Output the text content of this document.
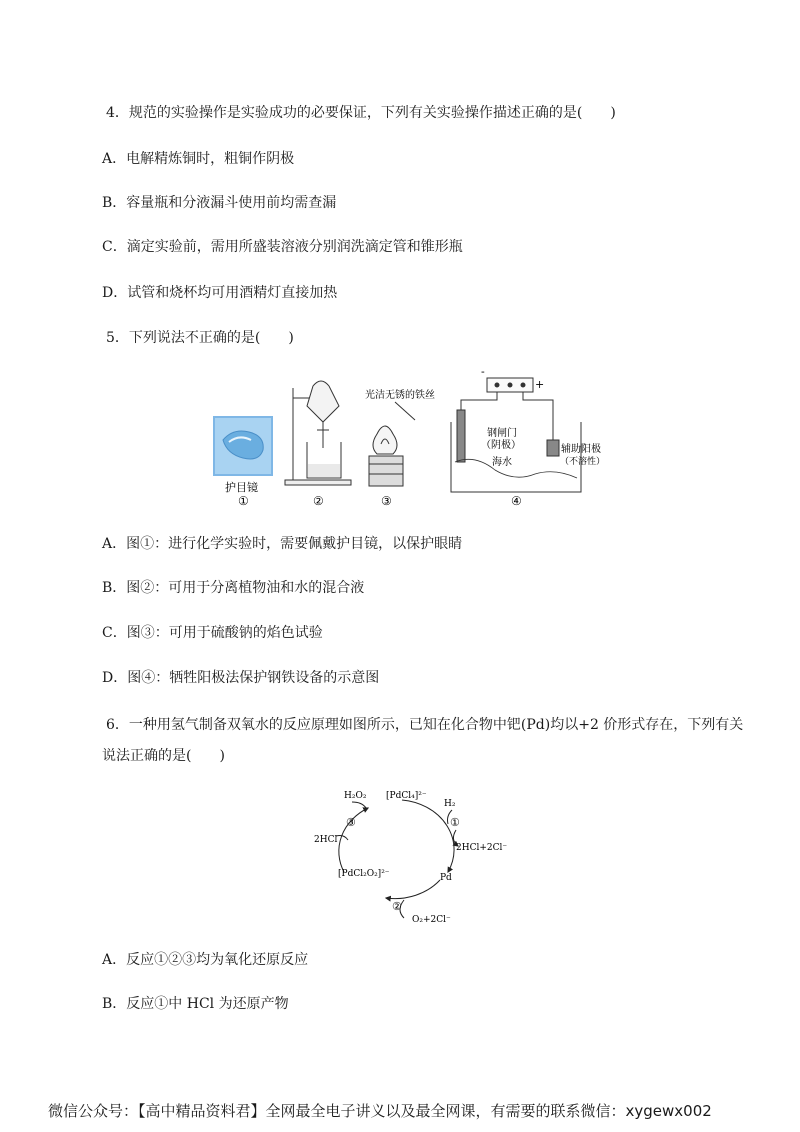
4．规范的实验操作是实验成功的必要保证，下列有关实验操作描述正确的是(　　)
A．电解精炼铜时，粗铜作阴极
B．容量瓶和分液漏斗使用前均需查漏
C．滴定实验前，需用所盛装溶液分别润洗滴定管和锥形瓶
D．试管和烧杯均可用酒精灯直接加热
5．下列说法不正确的是(　　)
护目镜
①	②
光洁无锈的铁丝
③
-
+
钢闸门
（阴极）
海水
辅助阳极
（不溶性）
④
A．图①：进行化学实验时，需要佩戴护目镜，以保护眼睛
B．图②：可用于分离植物油和水的混合液
C．图③：可用于硫酸钠的焰色试验
D．图④：牺牲阳极法保护钢铁设备的示意图
6．一种用氢气制备双氧水的反应原理如图所示，已知在化合物中钯(Pd)均以+2 价形式存在，下列有关
说法正确的是(　　)
H₂O₂ [PdCl₄]²⁻
H₂
③	①
2HCl
2HCl+2Cl⁻
Pd
[PdCl₂O₂]²⁻
②
O₂+2Cl⁻
A．反应①②③均为氧化还原反应
B．反应①中 HCl 为还原产物
微信公众号：【高中精品资料君】全网最全电子讲义以及最全网课，有需要的联系微信：xygewx002
